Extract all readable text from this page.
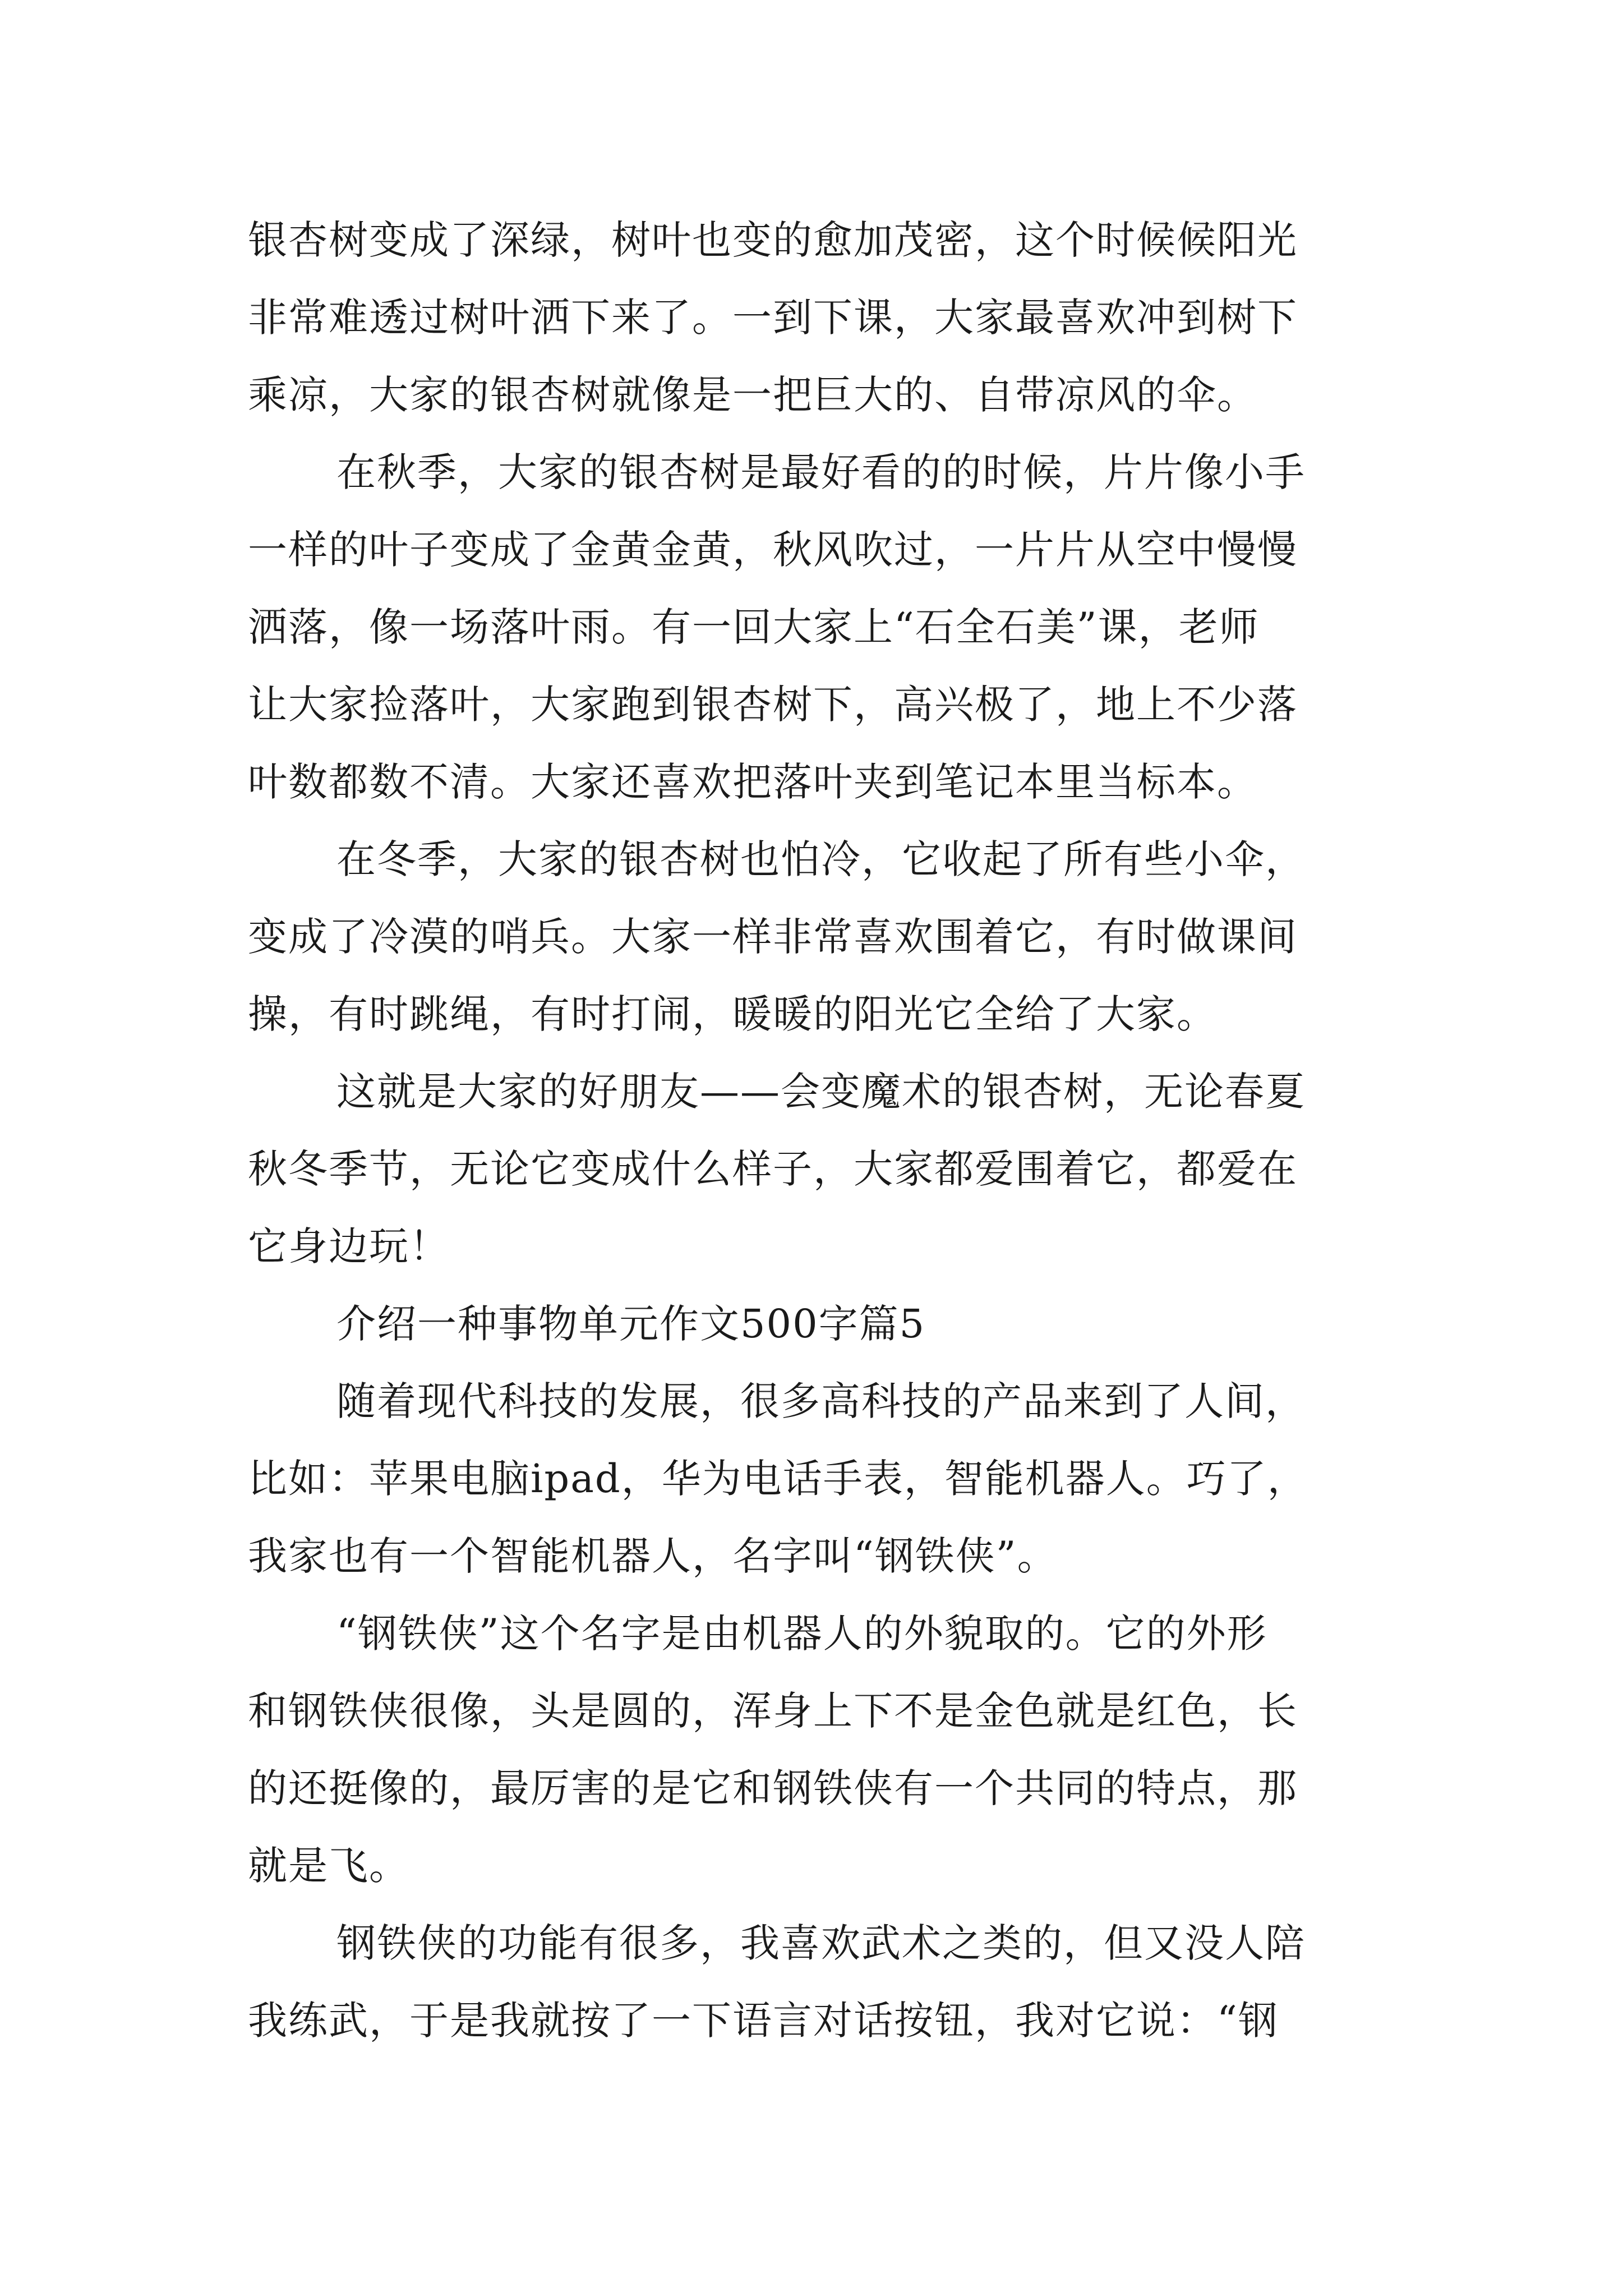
银杏树变成了深绿，树叶也变的愈加茂密，这个时候候阳光
非常难透过树叶洒下来了。一到下课，大家最喜欢冲到树下
乘凉，大家的银杏树就像是一把巨大的、自带凉风的伞。
在秋季，大家的银杏树是最好看的的时候，片片像小手
一样的叶子变成了金黄金黄，秋风吹过，一片片从空中慢慢
洒落，像一场落叶雨。有一回大家上“石全石美”课，老师
让大家捡落叶，大家跑到银杏树下，高兴极了，地上不少落
叶数都数不清。大家还喜欢把落叶夹到笔记本里当标本。
在冬季，大家的银杏树也怕冷，它收起了所有些小伞，
变成了冷漠的哨兵。大家一样非常喜欢围着它，有时做课间
操，有时跳绳，有时打闹，暖暖的阳光它全给了大家。
这就是大家的好朋友——会变魔术的银杏树，无论春夏
秋冬季节，无论它变成什么样子，大家都爱围着它，都爱在
它身边玩！
介绍一种事物单元作文500字篇5
随着现代科技的发展，很多高科技的产品来到了人间，
比如：苹果电脑ipad，华为电话手表，智能机器人。巧了，
我家也有一个智能机器人，名字叫“钢铁侠”。
“钢铁侠”这个名字是由机器人的外貌取的。它的外形
和钢铁侠很像，头是圆的，浑身上下不是金色就是红色，长
的还挺像的，最厉害的是它和钢铁侠有一个共同的特点，那
就是飞。
钢铁侠的功能有很多，我喜欢武术之类的，但又没人陪
我练武，于是我就按了一下语言对话按钮，我对它说：“钢
